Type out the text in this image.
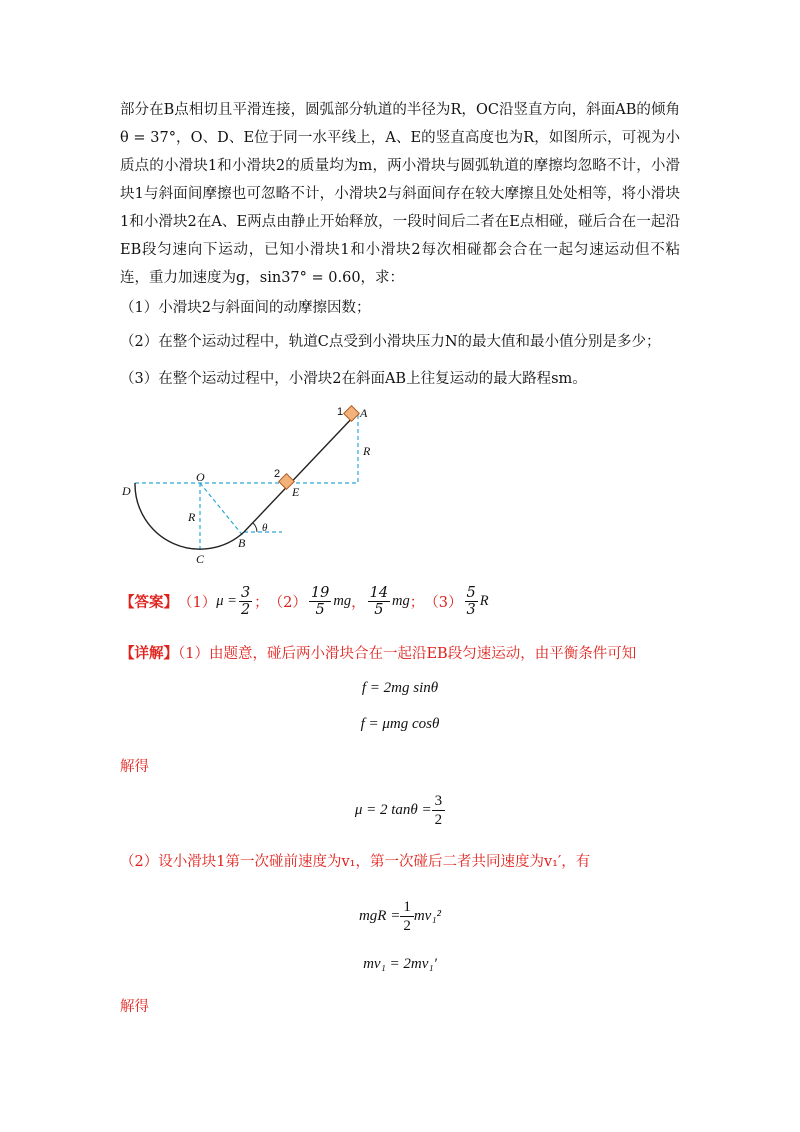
部分在B点相切且平滑连接，圆弧部分轨道的半径为R，OC沿竖直方向，斜面AB的倾角θ = 37°，O、D、E位于同一水平线上，A、E的竖直高度也为R，如图所示，可视为小质点的小滑块1和小滑块2的质量均为m，两小滑块与圆弧轨道的摩擦均忽略不计，小滑块1与斜面间摩擦也可忽略不计，小滑块2与斜面间存在较大摩擦且处处相等，将小滑块1和小滑块2在A、E两点由静止开始释放，一段时间后二者在E点相碰，碰后合在一起沿EB段匀速向下运动，已知小滑块1和小滑块2每次相碰都会合在一起匀速运动但不粘连，重力加速度为g，sin37° = 0.60，求：
（1）小滑块2与斜面间的动摩擦因数；
（2）在整个运动过程中，轨道C点受到小滑块压力N的最大值和最小值分别是多少；
（3）在整个运动过程中，小滑块2在斜面AB上往复运动的最大路程sm。
A
B
C
D	E
O
R
R
θ
1
2
【答案】 （1） $\mu = \frac{3}{2}$ ； $(2) \frac{19}{5}$ mg ， $\frac{14}{5}$ mg ； $(3) \frac{5}{3}$ R
【详解】（1）由题意，碰后两小滑块合在一起沿EB段匀速运动，由平衡条件可知
f = 2mg sinθ
f = μmg cosθ
解得
μ = 2 $\tan\theta = \frac{3}{2}$
（2）设小滑块1第一次碰前速度为v₁，第一次碰后二者共同速度为v₁′，有
mgR = $\frac{1}{2} mv_1^2$
mv₁ = 2mv₁′
解得
